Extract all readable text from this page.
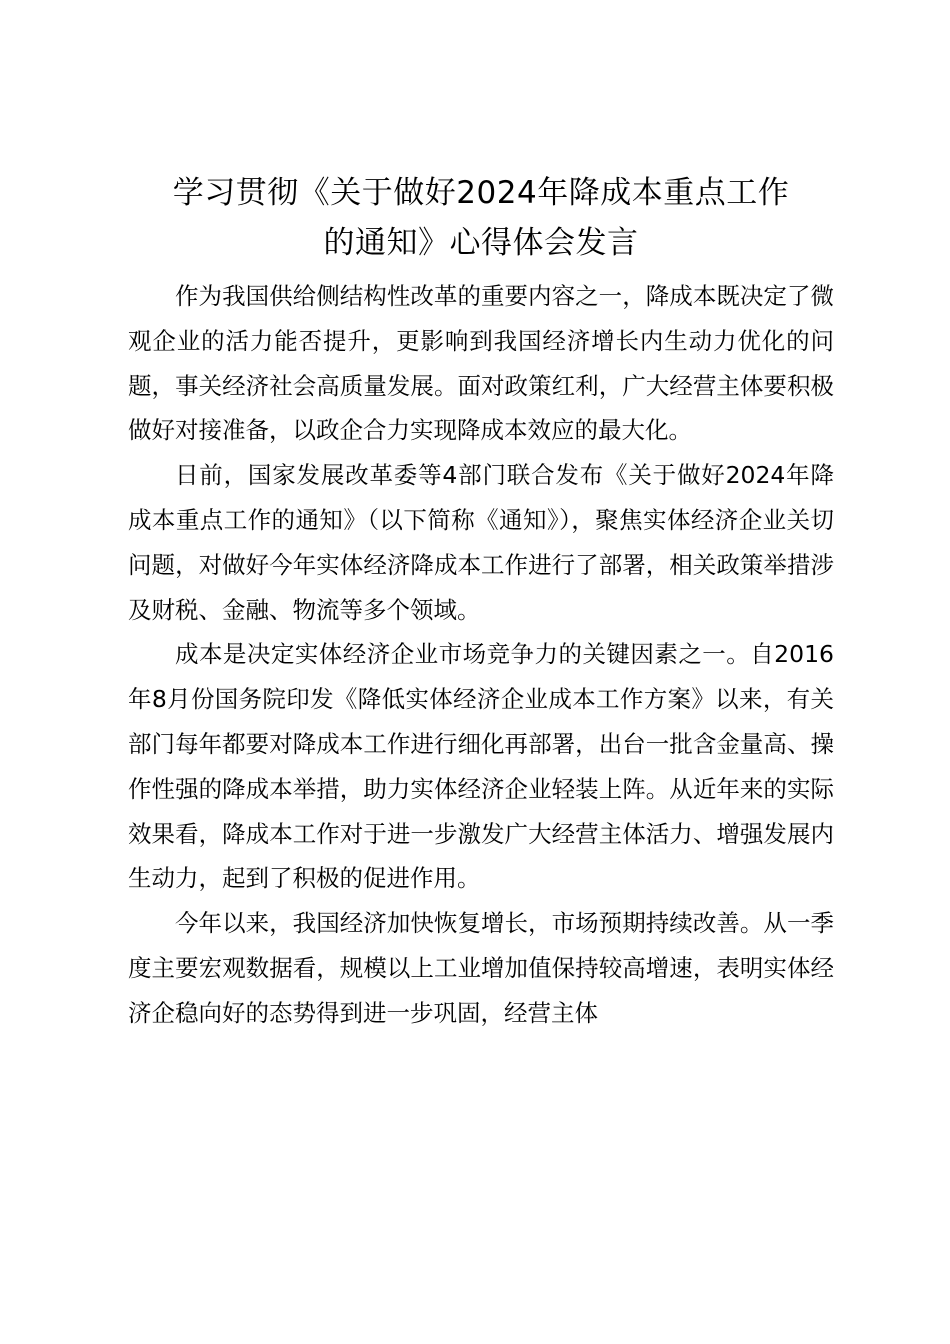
学习贯彻《关于做好2024年降成本重点工作
的通知》心得体会发言

作为我国供给侧结构性改革的重要内容之一，降成本既决定了微观企业的活力能否提升，更影响到我国经济增长内生动力优化的问题，事关经济社会高质量发展。面对政策红利，广大经营主体要积极做好对接准备，以政企合力实现降成本效应的最大化。

日前，国家发展改革委等4部门联合发布《关于做好2024年降成本重点工作的通知》（以下简称《通知》），聚焦实体经济企业关切问题，对做好今年实体经济降成本工作进行了部署，相关政策举措涉及财税、金融、物流等多个领域。

成本是决定实体经济企业市场竞争力的关键因素之一。自2016年8月份国务院印发《降低实体经济企业成本工作方案》以来，有关部门每年都要对降成本工作进行细化再部署，出台一批含金量高、操作性强的降成本举措，助力实体经济企业轻装上阵。从近年来的实际效果看，降成本工作对于进一步激发广大经营主体活力、增强发展内生动力，起到了积极的促进作用。

今年以来，我国经济加快恢复增长，市场预期持续改善。从一季度主要宏观数据看，规模以上工业增加值保持较高增速，表明实体经济企稳向好的态势得到进一步巩固，经营主体
